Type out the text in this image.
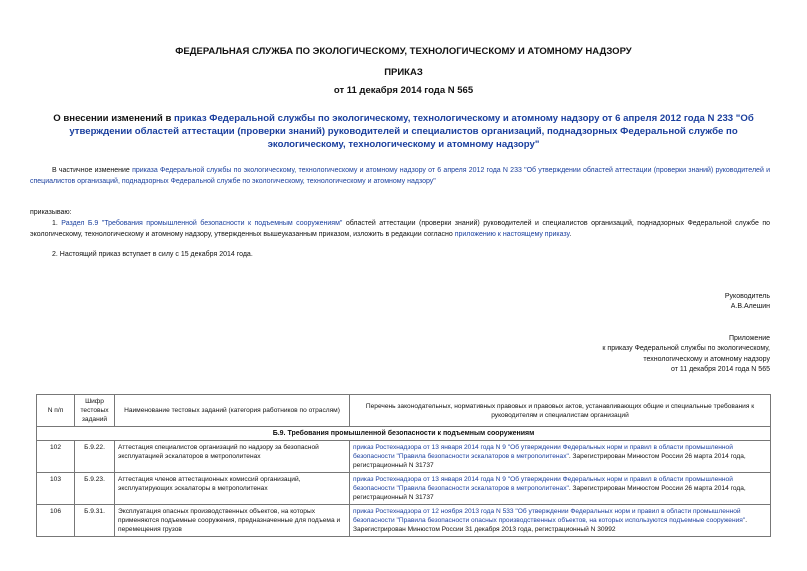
ФЕДЕРАЛЬНАЯ СЛУЖБА ПО ЭКОЛОГИЧЕСКОМУ, ТЕХНОЛОГИЧЕСКОМУ И АТОМНОМУ НАДЗОРУ
ПРИКАЗ
от 11 декабря 2014 года N 565
О внесении изменений в приказ Федеральной службы по экологическому, технологическому и атомному надзору от 6 апреля 2012 года N 233 "Об утверждении областей аттестации (проверки знаний) руководителей и специалистов организаций, поднадзорных Федеральной службе по экологическому, технологическому и атомному надзору"
В частичное изменение приказа Федеральной службы по экологическому, технологическому и атомному надзору от 6 апреля 2012 года N 233 "Об утверждении областей аттестации (проверки знаний) руководителей и специалистов организаций, поднадзорных Федеральной службе по экологическому, технологическому и атомному надзору"
приказываю:
1. Раздел Б.9 "Требования промышленной безопасности к подъемным сооружениям" областей аттестации (проверки знаний) руководителей и специалистов организаций, поднадзорных Федеральной службе по экологическому, технологическому и атомному надзору, утвержденных вышеуказанным приказом, изложить в редакции согласно приложению к настоящему приказу.
2. Настоящий приказ вступает в силу с 15 декабря 2014 года.
Руководитель
А.В.Алешин
Приложение
к приказу Федеральной службы по экологическому,
технологическому и атомному надзору
от 11 декабря 2014 года N 565
N п/п	Шифр тестовых заданий	Наименование тестовых заданий (категория работников по отраслям)	Перечень законодательных, нормативных правовых и правовых актов, устанавливающих общие и специальные требования к руководителям и специалистам организаций
Б.9. Требования промышленной безопасности к подъемным сооружениям			
102	Б.9.22.	Аттестация специалистов организаций по надзору за безопасной эксплуатацией эскалаторов в метрополитенах	приказ Ростехнадзора от 13 января 2014 года N 9 "Об утверждении Федеральных норм и правил в области промышленной безопасности "Правила безопасности эскалаторов в метрополитенах". Зарегистрирован Минюстом России 26 марта 2014 года, регистрационный N 31737
103	Б.9.23.	Аттестация членов аттестационных комиссий организаций, эксплуатирующих эскалаторы в метрополитенах	приказ Ростехнадзора от 13 января 2014 года N 9 "Об утверждении Федеральных норм и правил в области промышленной безопасности "Правила безопасности эскалаторов в метрополитенах". Зарегистрирован Минюстом России 26 марта 2014 года, регистрационный N 31737
106	Б.9.31.	Эксплуатация опасных производственных объектов, на которых применяются подъемные сооружения, предназначенные для подъема и перемещения грузов	приказ Ростехнадзора от 12 ноября 2013 года N 533 "Об утверждении Федеральных норм и правил в области промышленной безопасности "Правила безопасности опасных производственных объектов, на которых используются подъемные сооружения". Зарегистрирован Минюстом России 31 декабря 2013 года, регистрационный N 30992
